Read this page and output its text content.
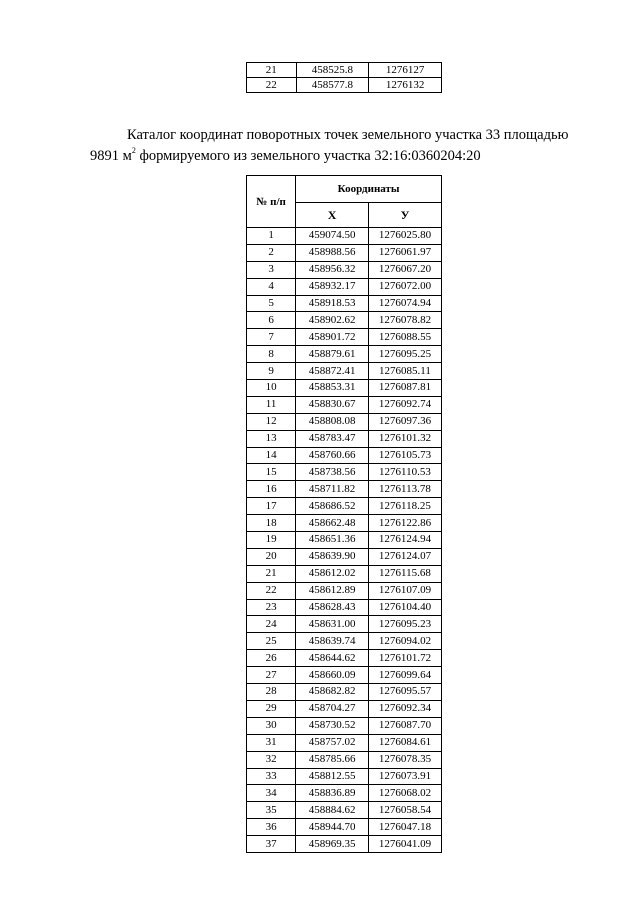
21	458525.8	1276127
22	458577.8	1276132
Каталог координат поворотных точек земельного участка 33 площадью
9891 $м^2$ формируемого из земельного участка 32:16:0360204:20
№ п/п	Координаты	
	Х	У
1	459074.50	1276025.80
2	458988.56	1276061.97
3	458956.32	1276067.20
4	458932.17	1276072.00
5	458918.53	1276074.94
6	458902.62	1276078.82
7	458901.72	1276088.55
8	458879.61	1276095.25
9	458872.41	1276085.11
10	458853.31	1276087.81
11	458830.67	1276092.74
12	458808.08	1276097.36
13	458783.47	1276101.32
14	458760.66	1276105.73
15	458738.56	1276110.53
16	458711.82	1276113.78
17	458686.52	1276118.25
18	458662.48	1276122.86
19	458651.36	1276124.94
20	458639.90	1276124.07
21	458612.02	1276115.68
22	458612.89	1276107.09
23	458628.43	1276104.40
24	458631.00	1276095.23
25	458639.74	1276094.02
26	458644.62	1276101.72
27	458660.09	1276099.64
28	458682.82	1276095.57
29	458704.27	1276092.34
30	458730.52	1276087.70
31	458757.02	1276084.61
32	458785.66	1276078.35
33	458812.55	1276073.91
34	458836.89	1276068.02
35	458884.62	1276058.54
36	458944.70	1276047.18
37	458969.35	1276041.09
